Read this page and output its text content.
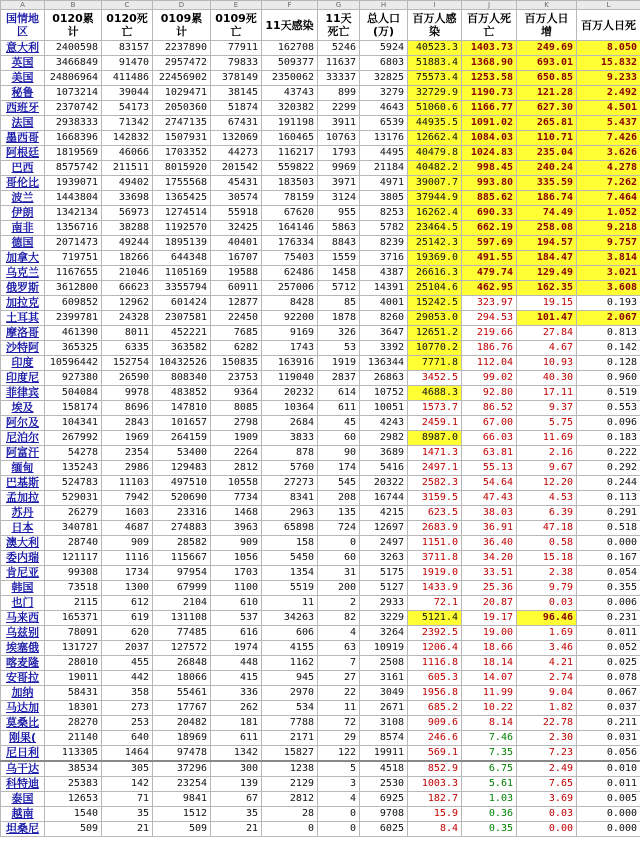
A	B	C	D	E	F	G	H	I	J	K	L
国情地区	0120累计	0120死亡	0109累计	0109死亡	11天感染	11天死亡	总人口(万)	百万人感染	百万人死亡	百万人日增	百万人日死
意大利	2400598	83157	2237890	77911	162708	5246	5924	40523.3	1403.73	249.69	8.050
英国	3466849	91470	2957472	79833	509377	11637	6803	51883.4	1368.90	693.01	15.832
美国	24806964	411486	22456902	378149	2350062	33337	32825	75573.4	1253.58	650.85	9.233
秘鲁	1073214	39044	1029471	38145	43743	899	3279	32729.9	1190.73	121.28	2.492
西班牙	2370742	54173	2050360	51874	320382	2299	4643	51060.6	1166.77	627.30	4.501
法国	2938333	71342	2747135	67431	191198	3911	6539	44935.5	1091.02	265.81	5.437
墨西哥	1668396	142832	1507931	132069	160465	10763	13176	12662.4	1084.03	110.71	7.426
阿根廷	1819569	46066	1703352	44273	116217	1793	4495	40479.8	1024.83	235.04	3.626
巴西	8575742	211511	8015920	201542	559822	9969	21184	40482.2	998.45	240.24	4.278
哥伦比	1939071	49402	1755568	45431	183503	3971	4971	39007.7	993.80	335.59	7.262
波兰	1443804	33698	1365425	30574	78159	3124	3805	37944.9	885.62	186.74	7.464
伊朗	1342134	56973	1274514	55918	67620	955	8253	16262.4	690.33	74.49	1.052
南非	1356716	38288	1192570	32425	164146	5863	5782	23464.5	662.19	258.08	9.218
德国	2071473	49244	1895139	40401	176334	8843	8239	25142.3	597.69	194.57	9.757
加拿大	719751	18266	644348	16707	75403	1559	3716	19369.0	491.55	184.47	3.814
乌克兰	1167655	21046	1105169	19588	62486	1458	4387	26616.3	479.74	129.49	3.021
俄罗斯	3612800	66623	3355794	60911	257006	5712	14391	25104.6	462.95	162.35	3.608
加拉克	609852	12962	601424	12877	8428	85	4001	15242.5	323.97	19.15	0.193
土耳其	2399781	24328	2307581	22450	92200	1878	8260	29053.0	294.53	101.47	2.067
摩洛哥	461390	8011	452221	7685	9169	326	3647	12651.2	219.66	27.84	0.813
沙特阿	365325	6335	363582	6282	1743	53	3392	10770.2	186.76	4.67	0.142
印度	10596442	152754	10432526	150835	163916	1919	136344	7771.8	112.04	10.93	0.128
印度尼	927380	26590	808340	23753	119040	2837	26863	3452.5	99.02	40.30	0.960
菲律宾	504084	9978	483852	9364	20232	614	10752	4688.3	92.80	17.11	0.519
埃及	158174	8696	147810	8085	10364	611	10051	1573.7	86.52	9.37	0.553
阿尔及	104341	2843	101657	2798	2684	45	4243	2459.1	67.00	5.75	0.096
尼泊尔	267992	1969	264159	1909	3833	60	2982	8987.0	66.03	11.69	0.183
阿富汗	54278	2354	53400	2264	878	90	3689	1471.3	63.81	2.16	0.222
缅甸	135243	2986	129483	2812	5760	174	5416	2497.1	55.13	9.67	0.292
巴基斯	524783	11103	497510	10558	27273	545	20322	2582.3	54.64	12.20	0.244
孟加拉	529031	7942	520690	7734	8341	208	16744	3159.5	47.43	4.53	0.113
苏丹	26279	1603	23316	1468	2963	135	4215	623.5	38.03	6.39	0.291
日本	340781	4687	274883	3963	65898	724	12697	2683.9	36.91	47.18	0.518
澳大利	28740	909	28582	909	158	0	2497	1151.0	36.40	0.58	0.000
委内瑞	121117	1116	115667	1056	5450	60	3263	3711.8	34.20	15.18	0.167
肯尼亚	99308	1734	97954	1703	1354	31	5175	1919.0	33.51	2.38	0.054
韩国	73518	1300	67999	1100	5519	200	5127	1433.9	25.36	9.79	0.355
也门	2115	612	2104	610	11	2	2933	72.1	20.87	0.03	0.006
马来西	165371	619	131108	537	34263	82	3229	5121.4	19.17	96.46	0.231
乌兹别	78091	620	77485	616	606	4	3264	2392.5	19.00	1.69	0.011
埃塞俄	131727	2037	127572	1974	4155	63	10919	1206.4	18.66	3.46	0.052
喀麦隆	28010	455	26848	448	1162	7	2508	1116.8	18.14	4.21	0.025
安哥拉	19011	442	18066	415	945	27	3161	605.3	14.07	2.74	0.078
加纳	58431	358	55461	336	2970	22	3049	1956.8	11.99	9.04	0.067
马达加	18301	273	17767	262	534	11	2671	685.2	10.22	1.82	0.037
莫桑比	28270	253	20482	181	7788	72	3108	909.6	8.14	22.78	0.211
刚果(	21140	640	18969	611	2171	29	8574	246.6	7.46	2.30	0.031
尼日利	113305	1464	97478	1342	15827	122	19911	569.1	7.35	7.23	0.056
乌干达	38534	305	37296	300	1238	5	4518	852.9	6.75	2.49	0.010
科特迪	25383	142	23254	139	2129	3	2530	1003.3	5.61	7.65	0.011
泰国	12653	71	9841	67	2812	4	6925	182.7	1.03	3.69	0.005
越南	1540	35	1512	35	28	0	9708	15.9	0.36	0.03	0.000
坦桑尼	509	21	509	21	0	0	6025	8.4	0.35	0.00	0.000
